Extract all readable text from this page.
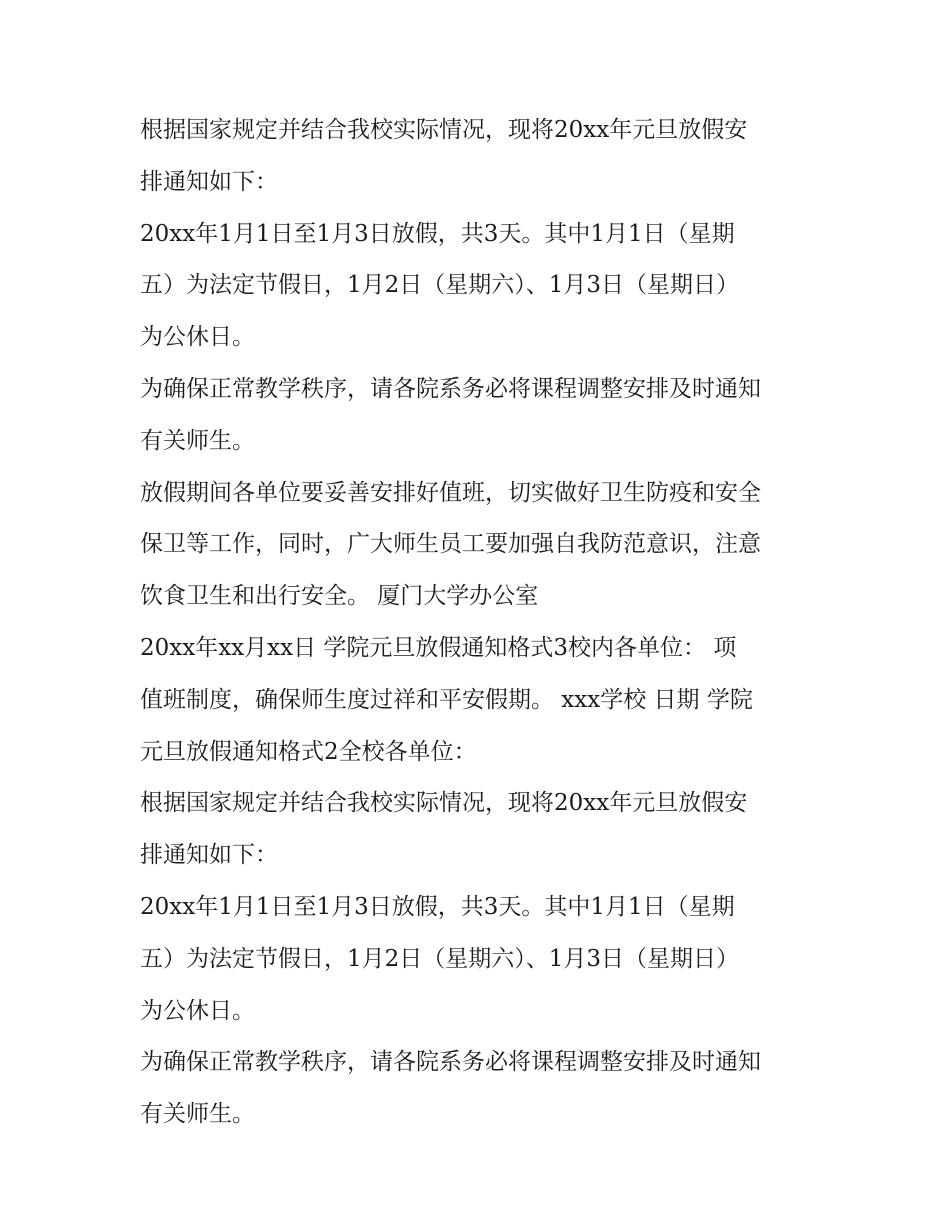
根据国家规定并结合我校实际情况，现将20xx年元旦放假安
排通知如下：
20xx年1月1日至1月3日放假，共3天。其中1月1日（星期
五）为法定节假日，1月2日（星期六）、1月3日（星期日）
为公休日。
为确保正常教学秩序，请各院系务必将课程调整安排及时通知
有关师生。
放假期间各单位要妥善安排好值班，切实做好卫生防疫和安全
保卫等工作，同时，广大师生员工要加强自我防范意识，注意
饮食卫生和出行安全。 厦门大学办公室
20xx年xx月xx日 学院元旦放假通知格式3校内各单位： 项
值班制度，确保师生度过祥和平安假期。 xxx学校 日期 学院
元旦放假通知格式2全校各单位：
根据国家规定并结合我校实际情况，现将20xx年元旦放假安
排通知如下：
20xx年1月1日至1月3日放假，共3天。其中1月1日（星期
五）为法定节假日，1月2日（星期六）、1月3日（星期日）
为公休日。
为确保正常教学秩序，请各院系务必将课程调整安排及时通知
有关师生。
